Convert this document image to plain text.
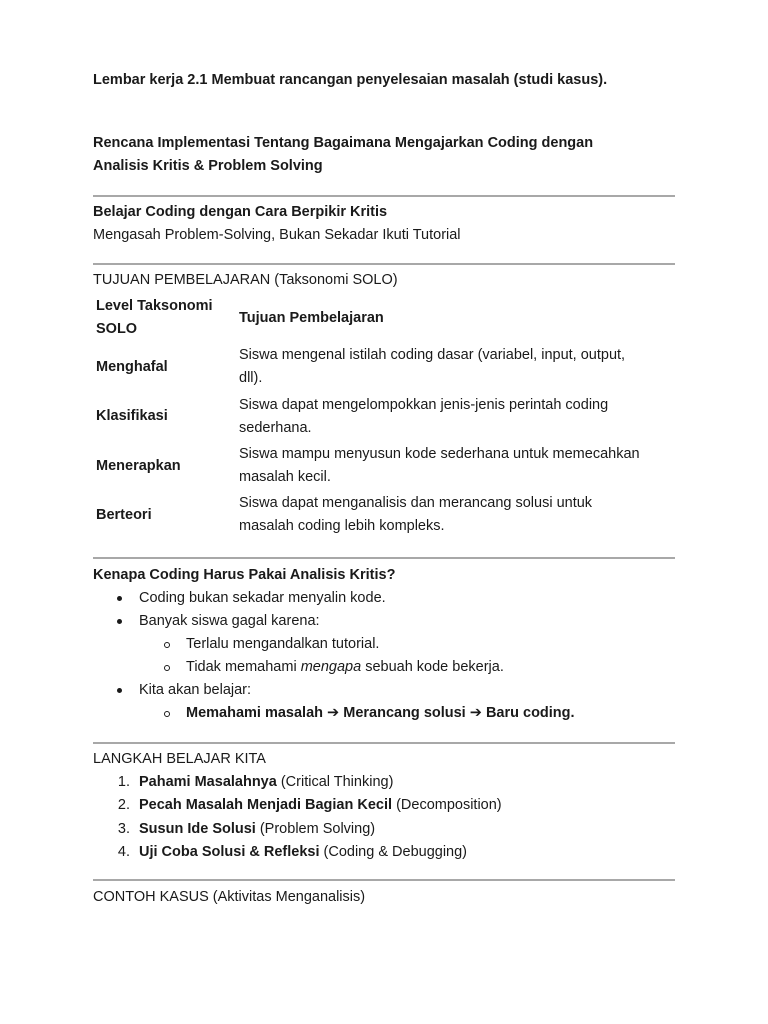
Lembar kerja 2.1 Membuat rancangan penyelesaian masalah (studi kasus).
Rencana Implementasi Tentang Bagaimana Mengajarkan Coding dengan
Analisis Kritis & Problem Solving
Belajar Coding dengan Cara Berpikir Kritis
Mengasah Problem-Solving, Bukan Sekadar Ikuti Tutorial
TUJUAN PEMBELAJARAN (Taksonomi SOLO)
Level Taksonomi
SOLO
Tujuan Pembelajaran
Menghafal
Siswa mengenal istilah coding dasar (variabel, input, output,
dll).
Klasifikasi
Siswa dapat mengelompokkan jenis-jenis perintah coding
sederhana.
Menerapkan
Siswa mampu menyusun kode sederhana untuk memecahkan
masalah kecil.
Berteori
Siswa dapat menganalisis dan merancang solusi untuk
masalah coding lebih kompleks.
Kenapa Coding Harus Pakai Analisis Kritis?
Coding bukan sekadar menyalin kode.
Banyak siswa gagal karena:
Terlalu mengandalkan tutorial.
Tidak memahami mengapa sebuah kode bekerja.
Kita akan belajar:
Memahami masalah ➔ Merancang solusi ➔ Baru coding.
LANGKAH BELAJAR KITA
1. Pahami Masalahnya (Critical Thinking)
2. Pecah Masalah Menjadi Bagian Kecil (Decomposition)
3. Susun Ide Solusi (Problem Solving)
4. Uji Coba Solusi & Refleksi (Coding & Debugging)
CONTOH KASUS (Aktivitas Menganalisis)
